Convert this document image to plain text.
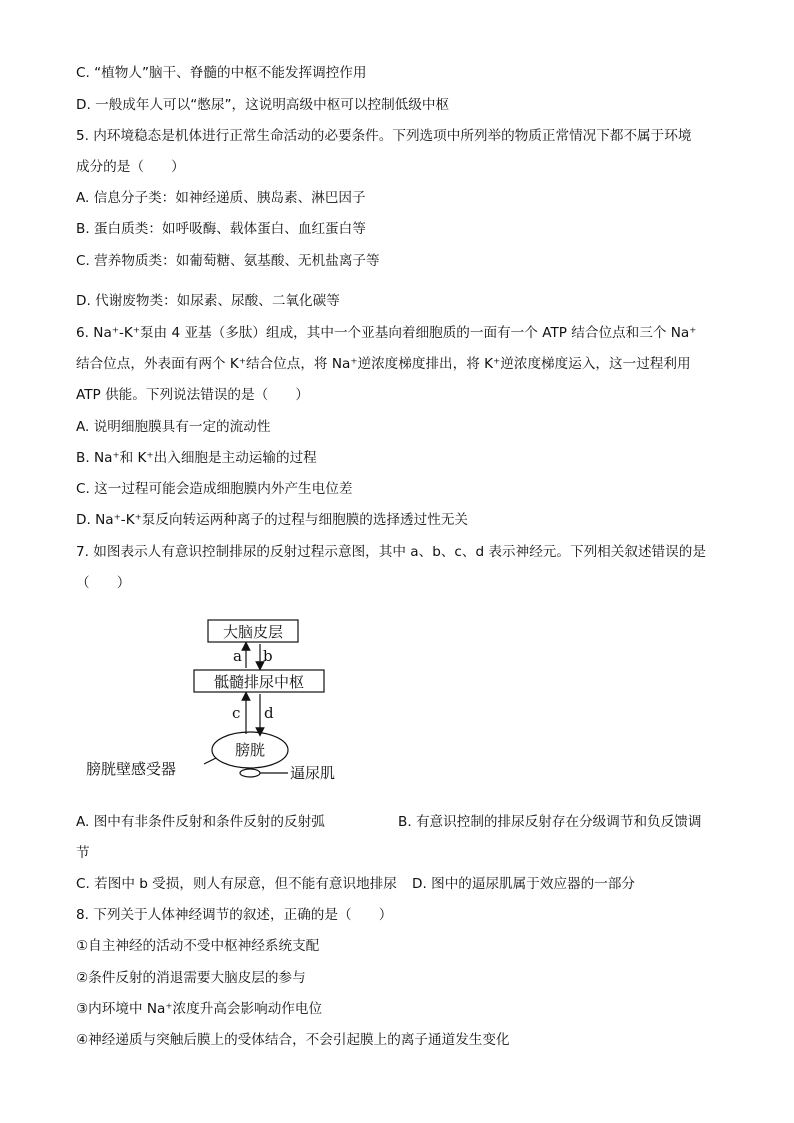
C. “植物人”脑干、脊髓的中枢不能发挥调控作用
D. 一般成年人可以“憋尿”，这说明高级中枢可以控制低级中枢
5. 内环境稳态是机体进行正常生命活动的必要条件。下列选项中所列举的物质正常情况下都不属于环境
成分的是（　　）
A. 信息分子类：如神经递质、胰岛素、淋巴因子
B. 蛋白质类：如呼吸酶、载体蛋白、血红蛋白等
C. 营养物质类：如葡萄糖、氨基酸、无机盐离子等
D. 代谢废物类：如尿素、尿酸、二氧化碳等
6. Na⁺-K⁺泵由 4 亚基（多肽）组成，其中一个亚基向着细胞质的一面有一个 ATP 结合位点和三个 Na⁺
结合位点，外表面有两个 K⁺结合位点，将 Na⁺逆浓度梯度排出，将 K⁺逆浓度梯度运入，这一过程利用
ATP 供能。下列说法错误的是（　　）
A. 说明细胞膜具有一定的流动性
B. Na⁺和 K⁺出入细胞是主动运输的过程
C. 这一过程可能会造成细胞膜内外产生电位差
D. Na⁺-K⁺泵反向转运两种离子的过程与细胞膜的选择透过性无关
7. 如图表示人有意识控制排尿的反射过程示意图，其中 a、b、c、d 表示神经元。下列相关叙述错误的是
（　　）
大脑皮层
a b
骶髓排尿中枢
c d
膀胱
逼尿肌
膀胱壁感受器
A. 图中有非条件反射和条件反射的反射弧	B. 有意识控制的排尿反射存在分级调节和负反馈调
节
C. 若图中 b 受损，则人有尿意，但不能有意识地排尿 D. 图中的逼尿肌属于效应器的一部分
8. 下列关于人体神经调节的叙述，正确的是（　　）
①自主神经的活动不受中枢神经系统支配
②条件反射的消退需要大脑皮层的参与
③内环境中 Na⁺浓度升高会影响动作电位
④神经递质与突触后膜上的受体结合，不会引起膜上的离子通道发生变化
